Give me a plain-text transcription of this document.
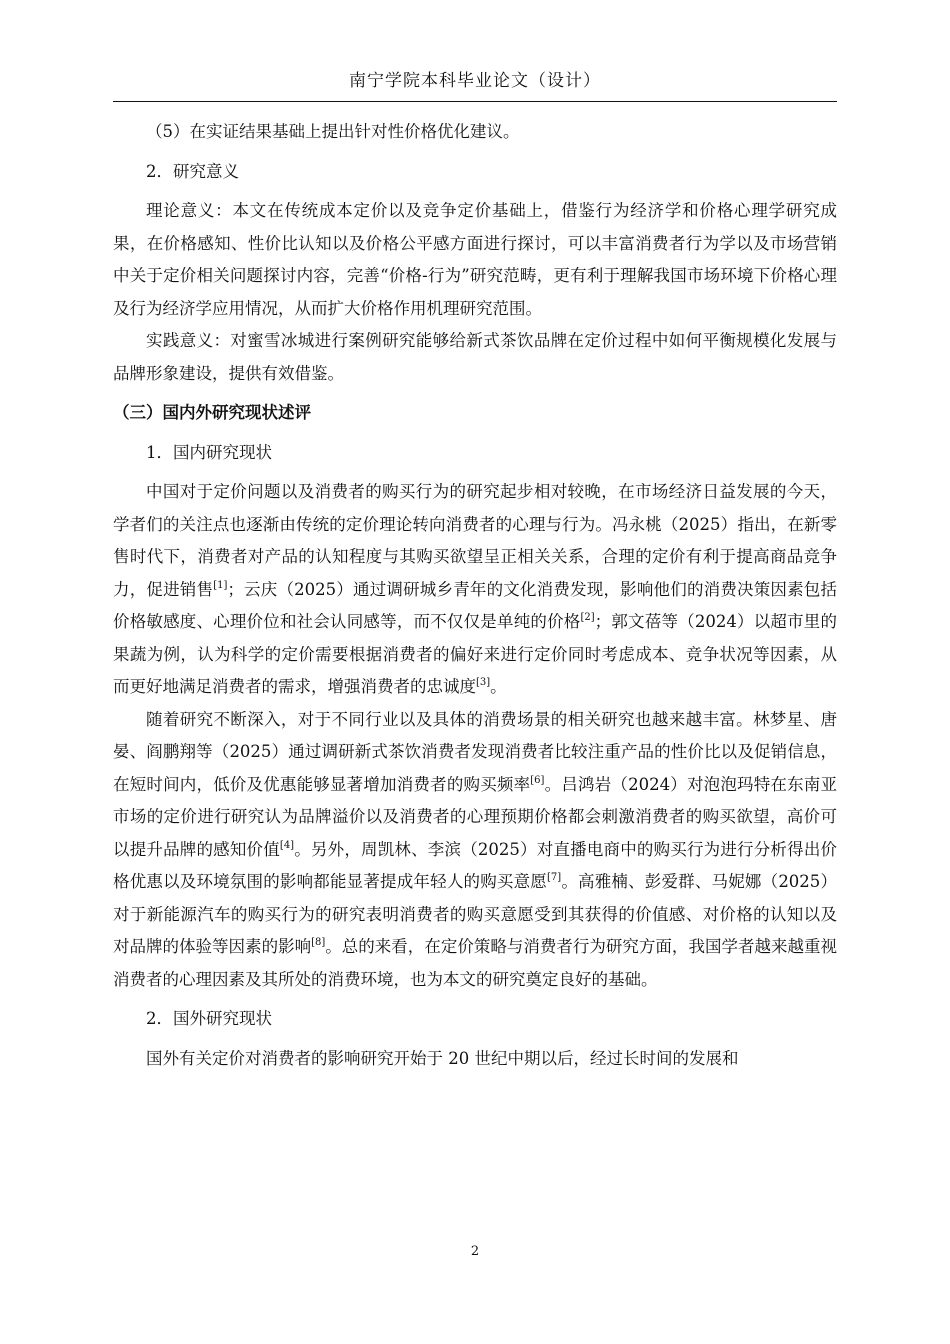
南宁学院本科毕业论文（设计）

（5）在实证结果基础上提出针对性价格优化建议。

2．研究意义

理论意义：本文在传统成本定价以及竞争定价基础上，借鉴行为经济学和价格心理学研究成果，在价格感知、性价比认知以及价格公平感方面进行探讨，可以丰富消费者行为学以及市场营销中关于定价相关问题探讨内容，完善“价格-行为”研究范畴，更有利于理解我国市场环境下价格心理及行为经济学应用情况，从而扩大价格作用机理研究范围。

实践意义：对蜜雪冰城进行案例研究能够给新式茶饮品牌在定价过程中如何平衡规模化发展与品牌形象建设，提供有效借鉴。

（三）国内外研究现状述评

1．国内研究现状

中国对于定价问题以及消费者的购买行为的研究起步相对较晚，在市场经济日益发展的今天，学者们的关注点也逐渐由传统的定价理论转向消费者的心理与行为。冯永桃（2025）指出，在新零售时代下，消费者对产品的认知程度与其购买欲望呈正相关关系，合理的定价有利于提高商品竞争力，促进销售[1]；云庆（2025）通过调研城乡青年的文化消费发现，影响他们的消费决策因素包括价格敏感度、心理价位和社会认同感等，而不仅仅是单纯的价格[2]；郭文蓓等（2024）以超市里的果蔬为例，认为科学的定价需要根据消费者的偏好来进行定价同时考虑成本、竞争状况等因素，从而更好地满足消费者的需求，增强消费者的忠诚度[3]。

随着研究不断深入，对于不同行业以及具体的消费场景的相关研究也越来越丰富。林梦星、唐晏、阎鹏翔等（2025）通过调研新式茶饮消费者发现消费者比较注重产品的性价比以及促销信息，在短时间内，低价及优惠能够显著增加消费者的购买频率[6]。吕鸿岩（2024）对泡泡玛特在东南亚市场的定价进行研究认为品牌溢价以及消费者的心理预期价格都会刺激消费者的购买欲望，高价可以提升品牌的感知价值[4]。另外，周凯林、李滨（2025）对直播电商中的购买行为进行分析得出价格优惠以及环境氛围的影响都能显著提成年轻人的购买意愿[7]。高雅楠、彭爱群、马妮娜（2025）对于新能源汽车的购买行为的研究表明消费者的购买意愿受到其获得的价值感、对价格的认知以及对品牌的体验等因素的影响[8]。总的来看，在定价策略与消费者行为研究方面，我国学者越来越重视消费者的心理因素及其所处的消费环境，也为本文的研究奠定良好的基础。

2．国外研究现状

国外有关定价对消费者的影响研究开始于 20 世纪中期以后，经过长时间的发展和

2
